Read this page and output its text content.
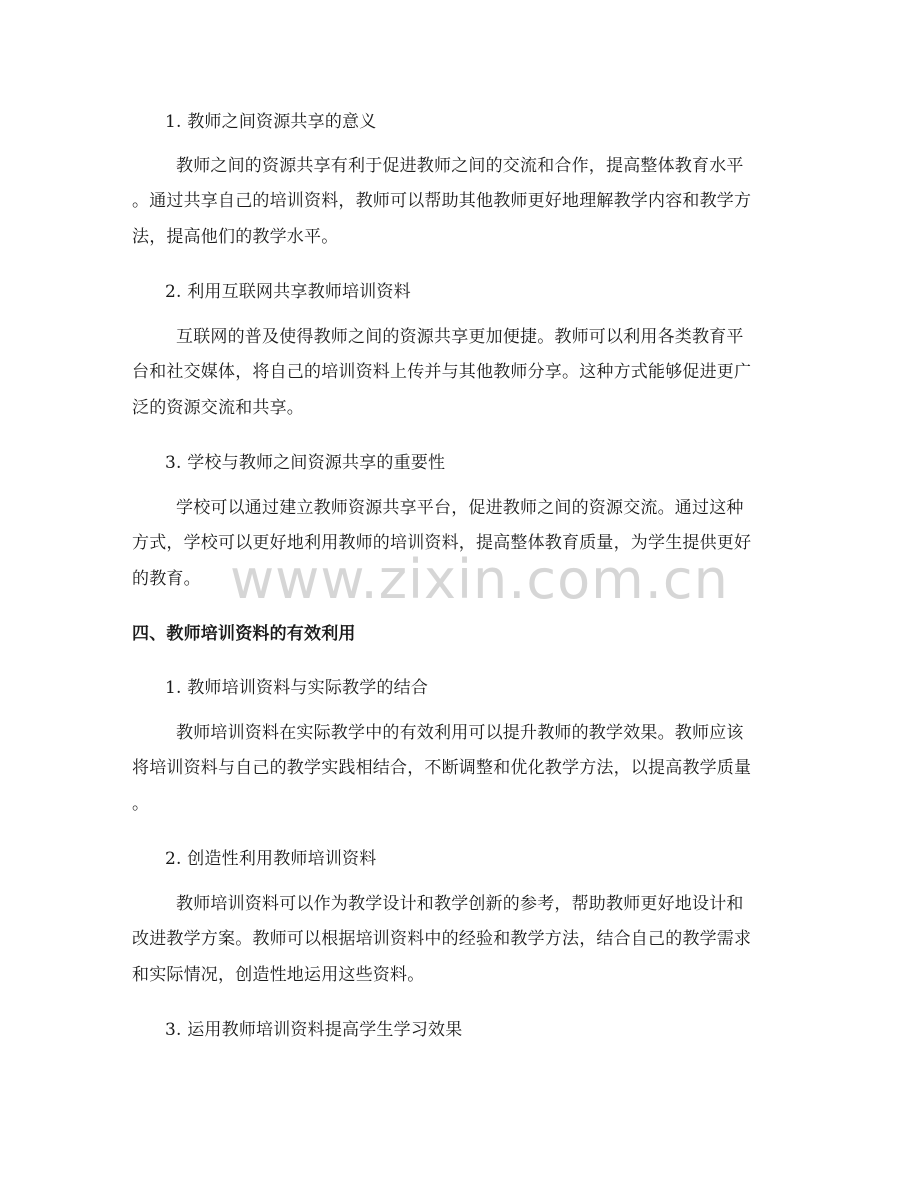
1. 教师之间资源共享的意义
教师之间的资源共享有利于促进教师之间的交流和合作，提高整体教育水平
。通过共享自己的培训资料，教师可以帮助其他教师更好地理解教学内容和教学方
法，提高他们的教学水平。
2. 利用互联网共享教师培训资料
互联网的普及使得教师之间的资源共享更加便捷。教师可以利用各类教育平
台和社交媒体，将自己的培训资料上传并与其他教师分享。这种方式能够促进更广
泛的资源交流和共享。
3. 学校与教师之间资源共享的重要性
学校可以通过建立教师资源共享平台，促进教师之间的资源交流。通过这种
方式，学校可以更好地利用教师的培训资料，提高整体教育质量，为学生提供更好
的教育。
四、教师培训资料的有效利用
1. 教师培训资料与实际教学的结合
教师培训资料在实际教学中的有效利用可以提升教师的教学效果。教师应该
将培训资料与自己的教学实践相结合，不断调整和优化教学方法，以提高教学质量
。
2. 创造性利用教师培训资料
教师培训资料可以作为教学设计和教学创新的参考，帮助教师更好地设计和
改进教学方案。教师可以根据培训资料中的经验和教学方法，结合自己的教学需求
和实际情况，创造性地运用这些资料。
3. 运用教师培训资料提高学生学习效果
www.zixin.com.cn
